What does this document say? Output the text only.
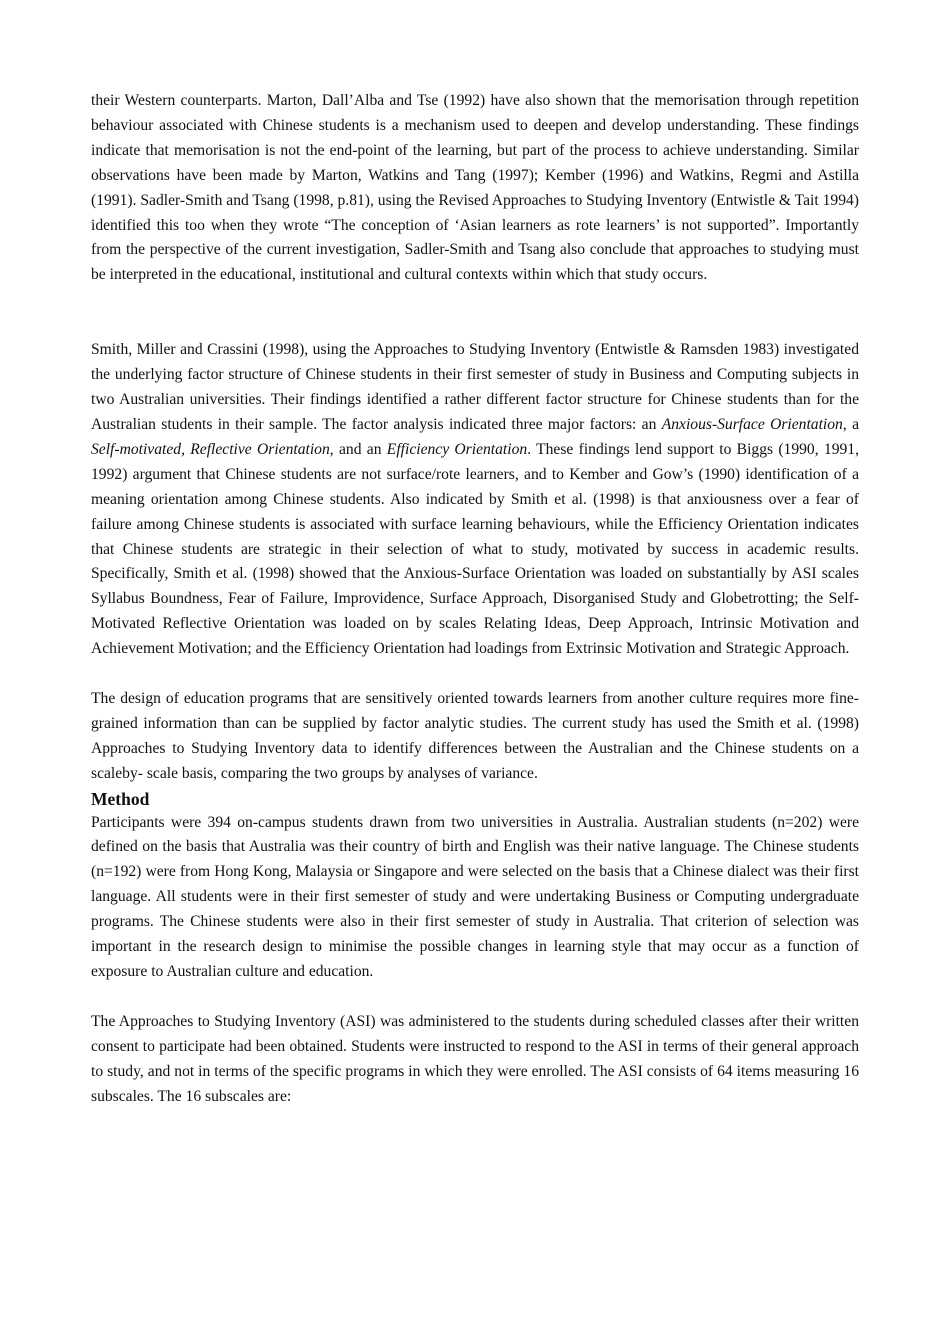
their Western counterparts. Marton, Dall’Alba and Tse (1992) have also shown that the memorisation through repetition behaviour associated with Chinese students is a mechanism used to deepen and develop understanding. These findings indicate that memorisation is not the end-point of the learning, but part of the process to achieve understanding. Similar observations have been made by Marton, Watkins and Tang (1997); Kember (1996) and Watkins, Regmi and Astilla (1991). Sadler-Smith and Tsang (1998, p.81), using the Revised Approaches to Studying Inventory (Entwistle & Tait 1994) identified this too when they wrote “The conception of ‘Asian learners as rote learners’ is not supported”. Importantly from the perspective of the current investigation, Sadler-Smith and Tsang also conclude that approaches to studying must be interpreted in the educational, institutional and cultural contexts within which that study occurs.

Smith, Miller and Crassini (1998), using the Approaches to Studying Inventory (Entwistle & Ramsden 1983) investigated the underlying factor structure of Chinese students in their first semester of study in Business and Computing subjects in two Australian universities. Their findings identified a rather different factor structure for Chinese students than for the Australian students in their sample. The factor analysis indicated three major factors: an Anxious-Surface Orientation, a Self-motivated, Reflective Orientation, and an Efficiency Orientation. These findings lend support to Biggs (1990, 1991, 1992) argument that Chinese students are not surface/rote learners, and to Kember and Gow’s (1990) identification of a meaning orientation among Chinese students. Also indicated by Smith et al. (1998) is that anxiousness over a fear of failure among Chinese students is associated with surface learning behaviours, while the Efficiency Orientation indicates that Chinese students are strategic in their selection of what to study, motivated by success in academic results. Specifically, Smith et al. (1998) showed that the Anxious-Surface Orientation was loaded on substantially by ASI scales Syllabus Boundness, Fear of Failure, Improvidence, Surface Approach, Disorganised Study and Globetrotting; the Self-Motivated Reflective Orientation was loaded on by scales Relating Ideas, Deep Approach, Intrinsic Motivation and Achievement Motivation; and the Efficiency Orientation had loadings from Extrinsic Motivation and Strategic Approach.

The design of education programs that are sensitively oriented towards learners from another culture requires more fine-grained information than can be supplied by factor analytic studies. The current study has used the Smith et al. (1998) Approaches to Studying Inventory data to identify differences between the Australian and the Chinese students on a scaleby- scale basis, comparing the two groups by analyses of variance.

Method

Participants were 394 on-campus students drawn from two universities in Australia. Australian students (n=202) were defined on the basis that Australia was their country of birth and English was their native language. The Chinese students (n=192) were from Hong Kong, Malaysia or Singapore and were selected on the basis that a Chinese dialect was their first language. All students were in their first semester of study and were undertaking Business or Computing undergraduate programs. The Chinese students were also in their first semester of study in Australia. That criterion of selection was important in the research design to minimise the possible changes in learning style that may occur as a function of exposure to Australian culture and education.

The Approaches to Studying Inventory (ASI) was administered to the students during scheduled classes after their written consent to participate had been obtained. Students were instructed to respond to the ASI in terms of their general approach to study, and not in terms of the specific programs in which they were enrolled. The ASI consists of 64 items measuring 16 subscales. The 16 subscales are:
